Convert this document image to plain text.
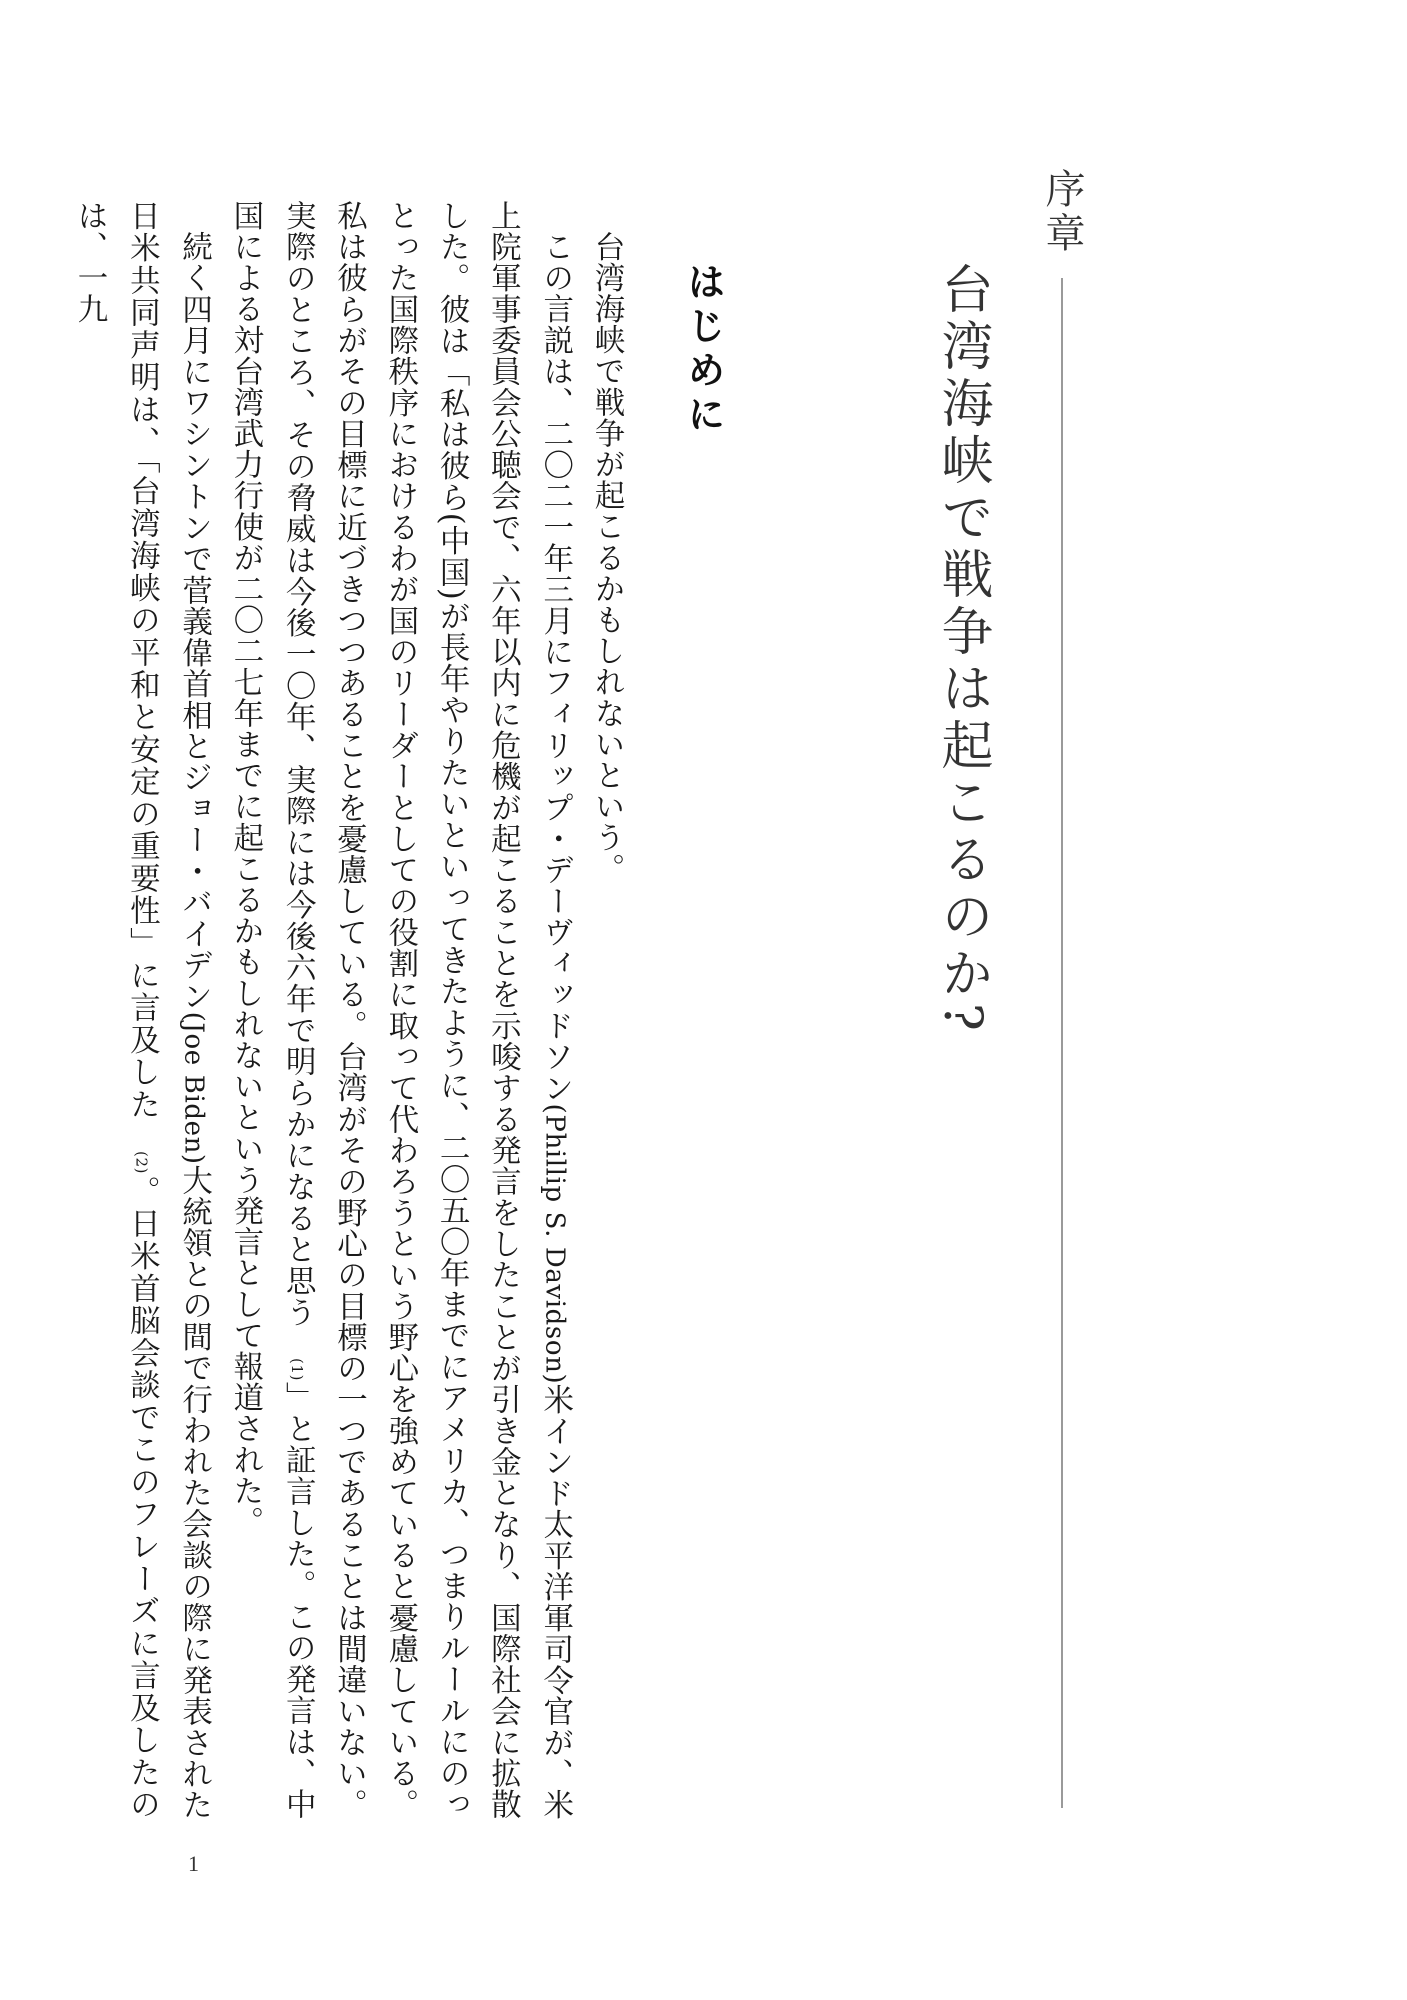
序章
台湾海峡で戦争は起こるのか?
はじめに

台湾海峡で戦争が起こるかもしれないという。

この言説は、二〇二一年三月にフィリップ・デーヴィッドソン(Phillip S. Davidson)米インド太平洋軍司令官が、米上院軍事委員会公聴会で、六年以内に危機が起こることを示唆する発言をしたことが引き金となり、国際社会に拡散した。彼は「私は彼ら(中国)が長年やりたいといってきたように、二〇五〇年までにアメリカ、つまりルールにのっとった国際秩序におけるわが国のリーダーとしての役割に取って代わろうという野心を強めていると憂慮している。私は彼らがその目標に近づきつつあることを憂慮している。台湾がその野心の目標の一つであることは間違いない。実際のところ、その脅威は今後一〇年、実際には今後六年で明らかになると思う(1)」と証言した。この発言は、中国による対台湾武力行使が二〇二七年までに起こるかもしれないという発言として報道された。

続く四月にワシントンで菅義偉首相とジョー・バイデン(Joe Biden)大統領との間で行われた会談の際に発表された日米共同声明は、「台湾海峡の平和と安定の重要性」に言及した(2)。日米首脳会談でこのフレーズに言及したのは、一九

1
